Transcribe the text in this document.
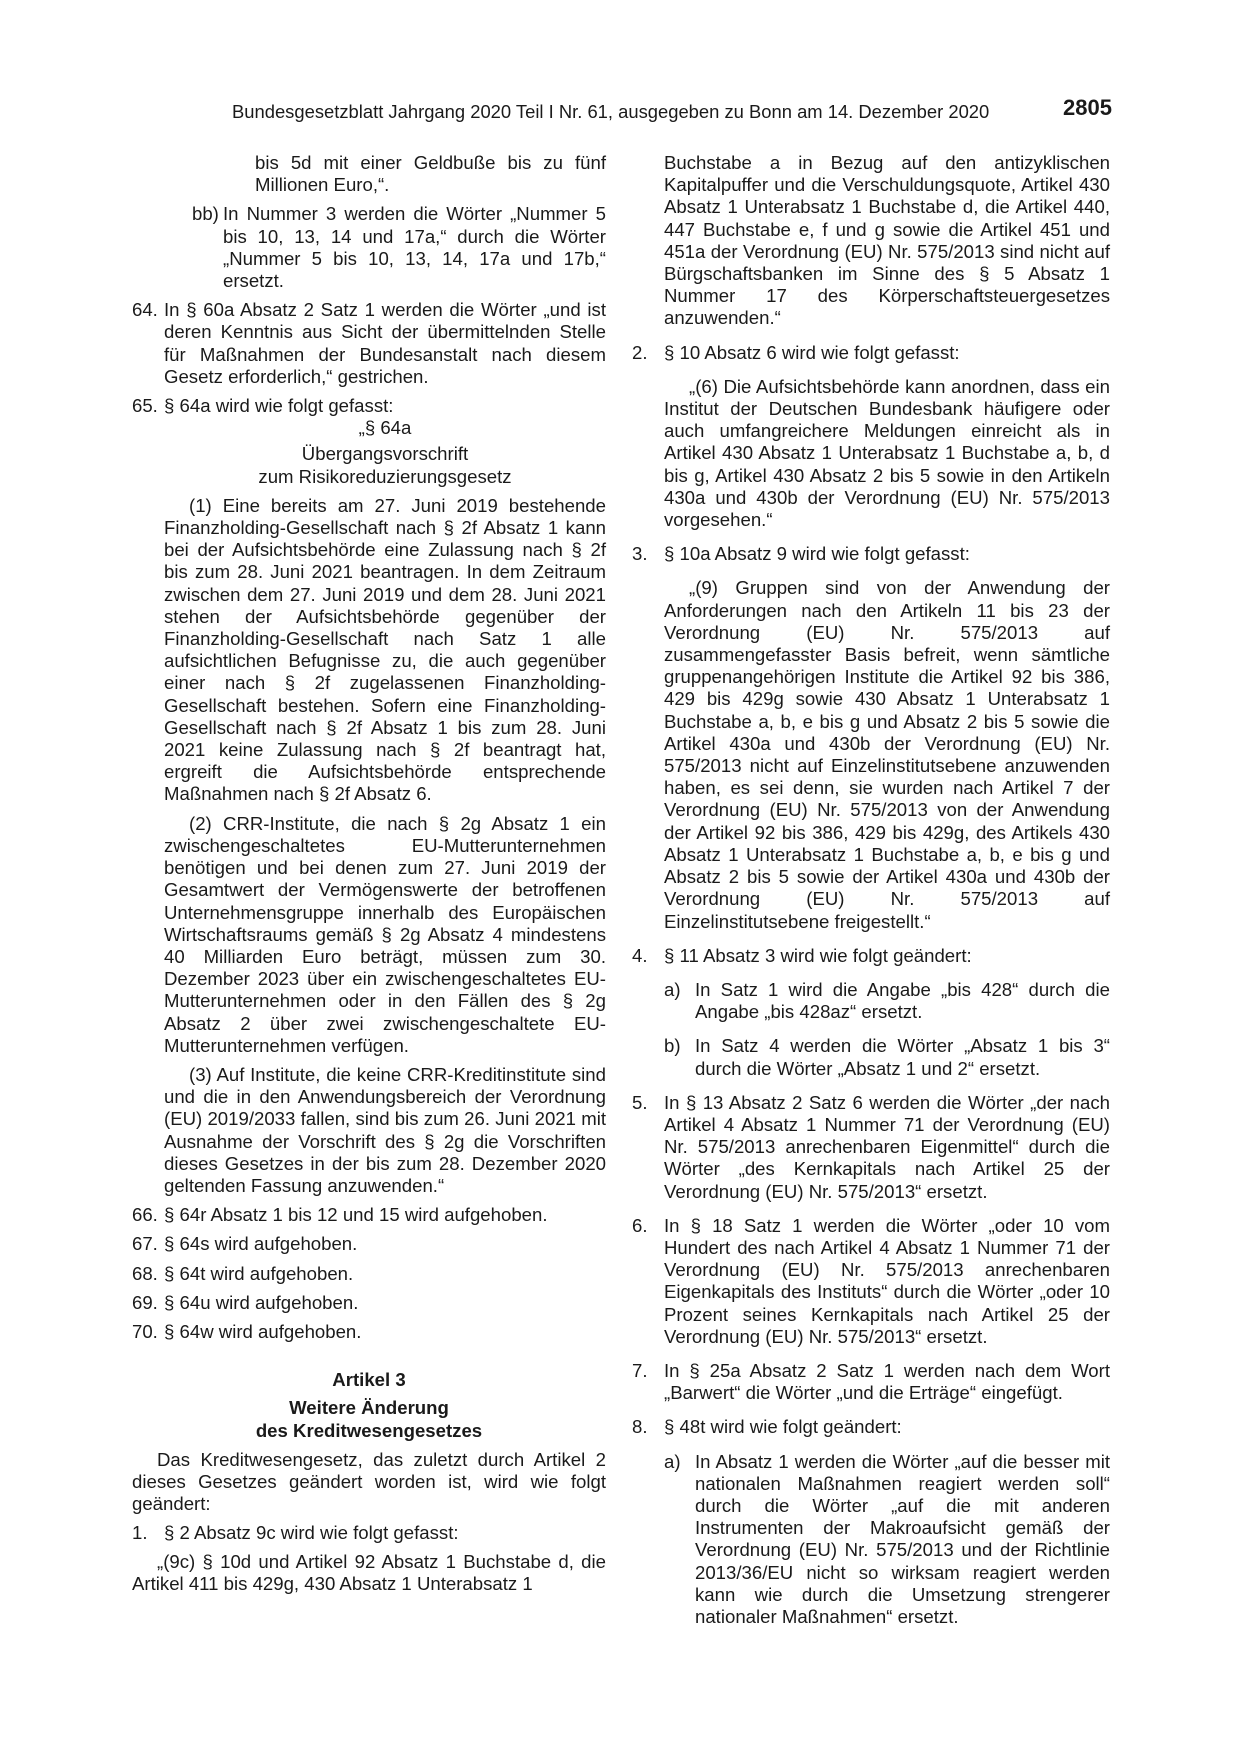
Bundesgesetzblatt Jahrgang 2020 Teil I Nr. 61, ausgegeben zu Bonn am 14. Dezember 2020	2805
bis 5d mit einer Geldbuße bis zu fünf Millionen Euro,“.
bb) In Nummer 3 werden die Wörter „Nummer 5 bis 10, 13, 14 und 17a,“ durch die Wörter „Nummer 5 bis 10, 13, 14, 17a und 17b,“ ersetzt.
64. In § 60a Absatz 2 Satz 1 werden die Wörter „und ist deren Kenntnis aus Sicht der übermittelnden Stelle für Maßnahmen der Bundesanstalt nach diesem Gesetz erforderlich,“ gestrichen.
65. § 64a wird wie folgt gefasst:
„§ 64a
Übergangsvorschrift
zum Risikoreduzierungsgesetz
(1) Eine bereits am 27. Juni 2019 bestehende Finanzholding-Gesellschaft nach § 2f Absatz 1 kann bei der Aufsichtsbehörde eine Zulassung nach § 2f bis zum 28. Juni 2021 beantragen. In dem Zeitraum zwischen dem 27. Juni 2019 und dem 28. Juni 2021 stehen der Aufsichtsbehörde gegenüber der Finanzholding-Gesellschaft nach Satz 1 alle aufsichtlichen Befugnisse zu, die auch gegenüber einer nach § 2f zugelassenen Finanzholding-Gesellschaft bestehen. Sofern eine Finanzholding-Gesellschaft nach § 2f Absatz 1 bis zum 28. Juni 2021 keine Zulassung nach § 2f beantragt hat, ergreift die Aufsichtsbehörde entsprechende Maßnahmen nach § 2f Absatz 6.
(2) CRR-Institute, die nach § 2g Absatz 1 ein zwischengeschaltetes EU-Mutterunternehmen benötigen und bei denen zum 27. Juni 2019 der Gesamtwert der Vermögenswerte der betroffenen Unternehmensgruppe innerhalb des Europäischen Wirtschaftsraums gemäß § 2g Absatz 4 mindestens 40 Milliarden Euro beträgt, müssen zum 30. Dezember 2023 über ein zwischengeschaltetes EU-Mutterunternehmen oder in den Fällen des § 2g Absatz 2 über zwei zwischengeschaltete EU-Mutterunternehmen verfügen.
(3) Auf Institute, die keine CRR-Kreditinstitute sind und die in den Anwendungsbereich der Verordnung (EU) 2019/2033 fallen, sind bis zum 26. Juni 2021 mit Ausnahme der Vorschrift des § 2g die Vorschriften dieses Gesetzes in der bis zum 28. Dezember 2020 geltenden Fassung anzuwenden.“
66. § 64r Absatz 1 bis 12 und 15 wird aufgehoben.
67. § 64s wird aufgehoben.
68. § 64t wird aufgehoben.
69. § 64u wird aufgehoben.
70. § 64w wird aufgehoben.
Artikel 3
Weitere Änderung
des Kreditwesengesetzes
Das Kreditwesengesetz, das zuletzt durch Artikel 2 dieses Gesetzes geändert worden ist, wird wie folgt geändert:
1. § 2 Absatz 9c wird wie folgt gefasst:
„(9c) § 10d und Artikel 92 Absatz 1 Buchstabe d, die Artikel 411 bis 429g, 430 Absatz 1 Unterabsatz 1
Buchstabe a in Bezug auf den antizyklischen Kapitalpuffer und die Verschuldungsquote, Artikel 430 Absatz 1 Unterabsatz 1 Buchstabe d, die Artikel 440, 447 Buchstabe e, f und g sowie die Artikel 451 und 451a der Verordnung (EU) Nr. 575/2013 sind nicht auf Bürgschaftsbanken im Sinne des § 5 Absatz 1 Nummer 17 des Körperschaftsteuergesetzes anzuwenden.“
2. § 10 Absatz 6 wird wie folgt gefasst:
„(6) Die Aufsichtsbehörde kann anordnen, dass ein Institut der Deutschen Bundesbank häufigere oder auch umfangreichere Meldungen einreicht als in Artikel 430 Absatz 1 Unterabsatz 1 Buchstabe a, b, d bis g, Artikel 430 Absatz 2 bis 5 sowie in den Artikeln 430a und 430b der Verordnung (EU) Nr. 575/2013 vorgesehen.“
3. § 10a Absatz 9 wird wie folgt gefasst:
„(9) Gruppen sind von der Anwendung der Anforderungen nach den Artikeln 11 bis 23 der Verordnung (EU) Nr. 575/2013 auf zusammengefasster Basis befreit, wenn sämtliche gruppenangehörigen Institute die Artikel 92 bis 386, 429 bis 429g sowie 430 Absatz 1 Unterabsatz 1 Buchstabe a, b, e bis g und Absatz 2 bis 5 sowie die Artikel 430a und 430b der Verordnung (EU) Nr. 575/2013 nicht auf Einzelinstitutsebene anzuwenden haben, es sei denn, sie wurden nach Artikel 7 der Verordnung (EU) Nr. 575/2013 von der Anwendung der Artikel 92 bis 386, 429 bis 429g, des Artikels 430 Absatz 1 Unterabsatz 1 Buchstabe a, b, e bis g und Absatz 2 bis 5 sowie der Artikel 430a und 430b der Verordnung (EU) Nr. 575/2013 auf Einzelinstitutsebene freigestellt.“
4. § 11 Absatz 3 wird wie folgt geändert:
a) In Satz 1 wird die Angabe „bis 428“ durch die Angabe „bis 428az“ ersetzt.
b) In Satz 4 werden die Wörter „Absatz 1 bis 3“ durch die Wörter „Absatz 1 und 2“ ersetzt.
5. In § 13 Absatz 2 Satz 6 werden die Wörter „der nach Artikel 4 Absatz 1 Nummer 71 der Verordnung (EU) Nr. 575/2013 anrechenbaren Eigenmittel“ durch die Wörter „des Kernkapitals nach Artikel 25 der Verordnung (EU) Nr. 575/2013“ ersetzt.
6. In § 18 Satz 1 werden die Wörter „oder 10 vom Hundert des nach Artikel 4 Absatz 1 Nummer 71 der Verordnung (EU) Nr. 575/2013 anrechenbaren Eigenkapitals des Instituts“ durch die Wörter „oder 10 Prozent seines Kernkapitals nach Artikel 25 der Verordnung (EU) Nr. 575/2013“ ersetzt.
7. In § 25a Absatz 2 Satz 1 werden nach dem Wort „Barwert“ die Wörter „und die Erträge“ eingefügt.
8. § 48t wird wie folgt geändert:
a) In Absatz 1 werden die Wörter „auf die besser mit nationalen Maßnahmen reagiert werden soll“ durch die Wörter „auf die mit anderen Instrumenten der Makroaufsicht gemäß der Verordnung (EU) Nr. 575/2013 und der Richtlinie 2013/36/EU nicht so wirksam reagiert werden kann wie durch die Umsetzung strengerer nationaler Maßnahmen“ ersetzt.
